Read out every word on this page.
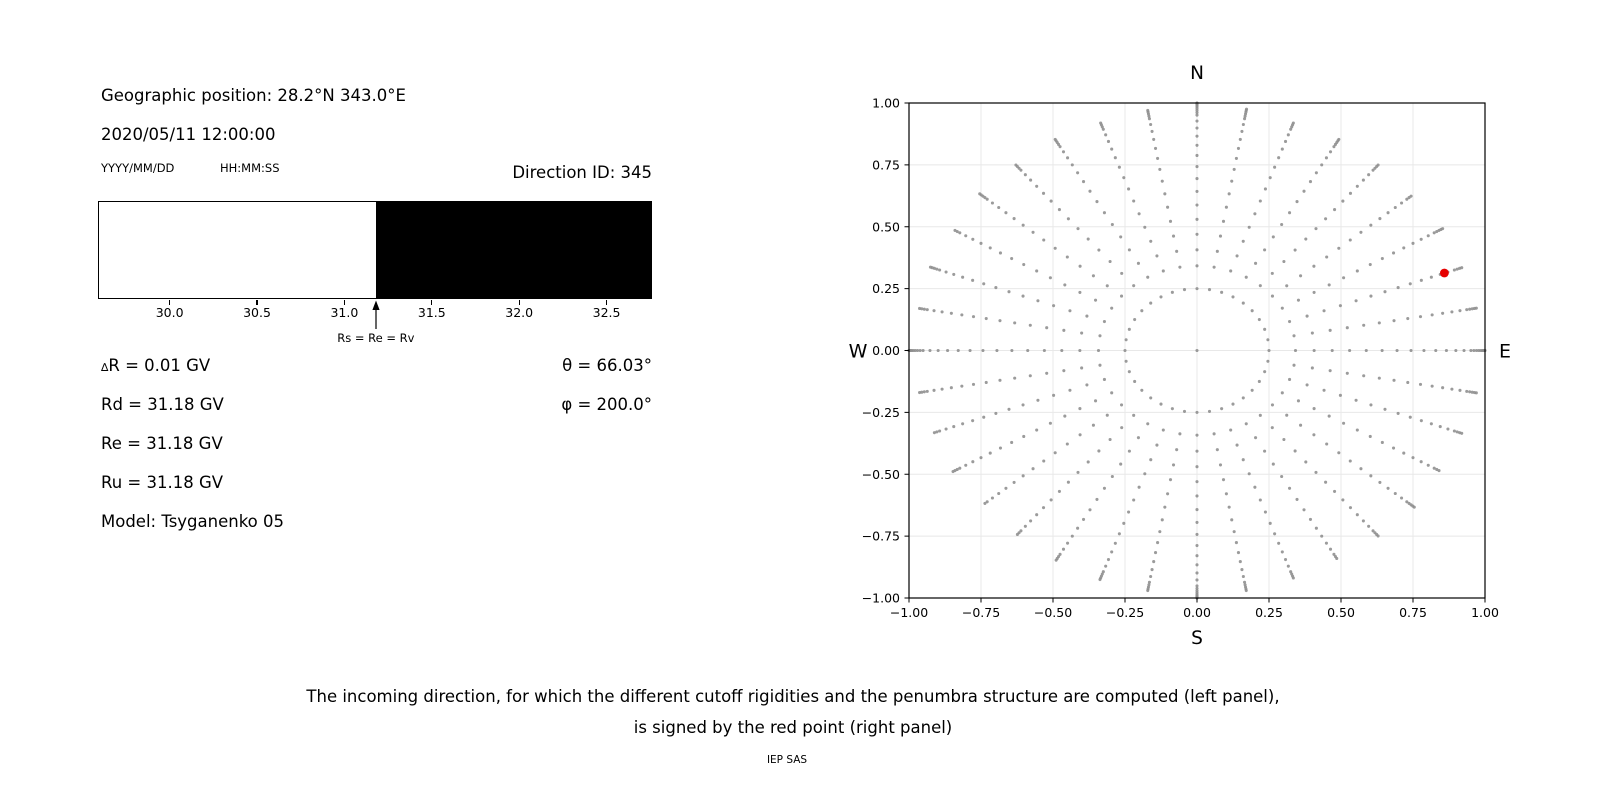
Geographic position: 28.2°N 343.0°E
2020/05/11 12:00:00
YYYY/MM/DD	HH:MM:SS	Direction ID: 345
30.0	30.5	31.0	31.5	32.0	32.5
Rs = Re = Rv
∆R = 0.01 GV
Rd = 31.18 GV
Re = 31.18 GV
Ru = 31.18 GV
Model: Tsyganenko 05
θ = 66.03°
φ = 200.0°
−1.00	−0.75	−0.50	−0.25	0.00	0.25	0.50	0.75	1.00
−1.00
−0.75
−0.50
−0.25
0.00
0.25
0.50
0.75
1.00
N
S
W	E
The incoming direction, for which the different cutoff rigidities and the penumbra structure are computed (left panel),
is signed by the red point (right panel)
IEP SAS
